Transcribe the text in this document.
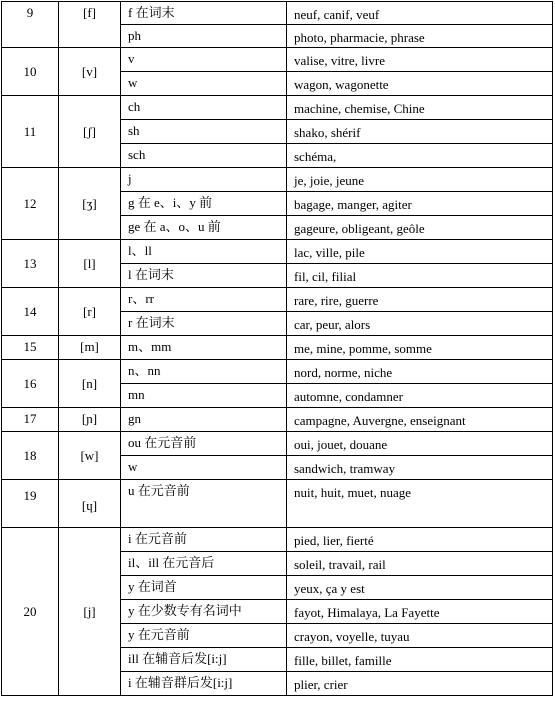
9	[f]	f 在词末	neuf, canif, veuf
		ph	photo, pharmacie, phrase
10	[v]	v	valise, vitre, livre
		w	wagon, wagonette
11	[ʃ]	ch	machine, chemise, Chine
		sh	shako, shérif
		sch	schéma,
12	[ʒ]	j	je, joie, jeune
		g 在 e、i、y 前	bagage, manger, agiter
		ge 在 a、o、u 前	gageure, obligeant, geôle
13	[l]	l、ll	lac, ville, pile
		l 在词末	fil, cil, filial
14	[r]	r、rr	rare, rire, guerre
		r 在词末	car, peur, alors
15	[m]	m、mm	me, mine, pomme, somme
16	[n]	n、nn	nord, norme, niche
		mn	automne, condamner
17	[ɲ]	gn	campagne, Auvergne, enseignant
18	[w]	ou 在元音前	oui, jouet, douane
		w	sandwich, tramway
19	[ɥ]	u 在元音前	nuit, huit, muet, nuage
20	[j]	i 在元音前	pied, lier, fierté
		il、ill 在元音后	soleil, travail, rail
		y 在词首	yeux, ça y est
		y 在少数专有名词中	fayot, Himalaya, La Fayette
		y 在元音前	crayon, voyelle, tuyau
		ill 在辅音后发[i:j]	fille, billet, famille
		i 在辅音群后发[i:j]	plier, crier
